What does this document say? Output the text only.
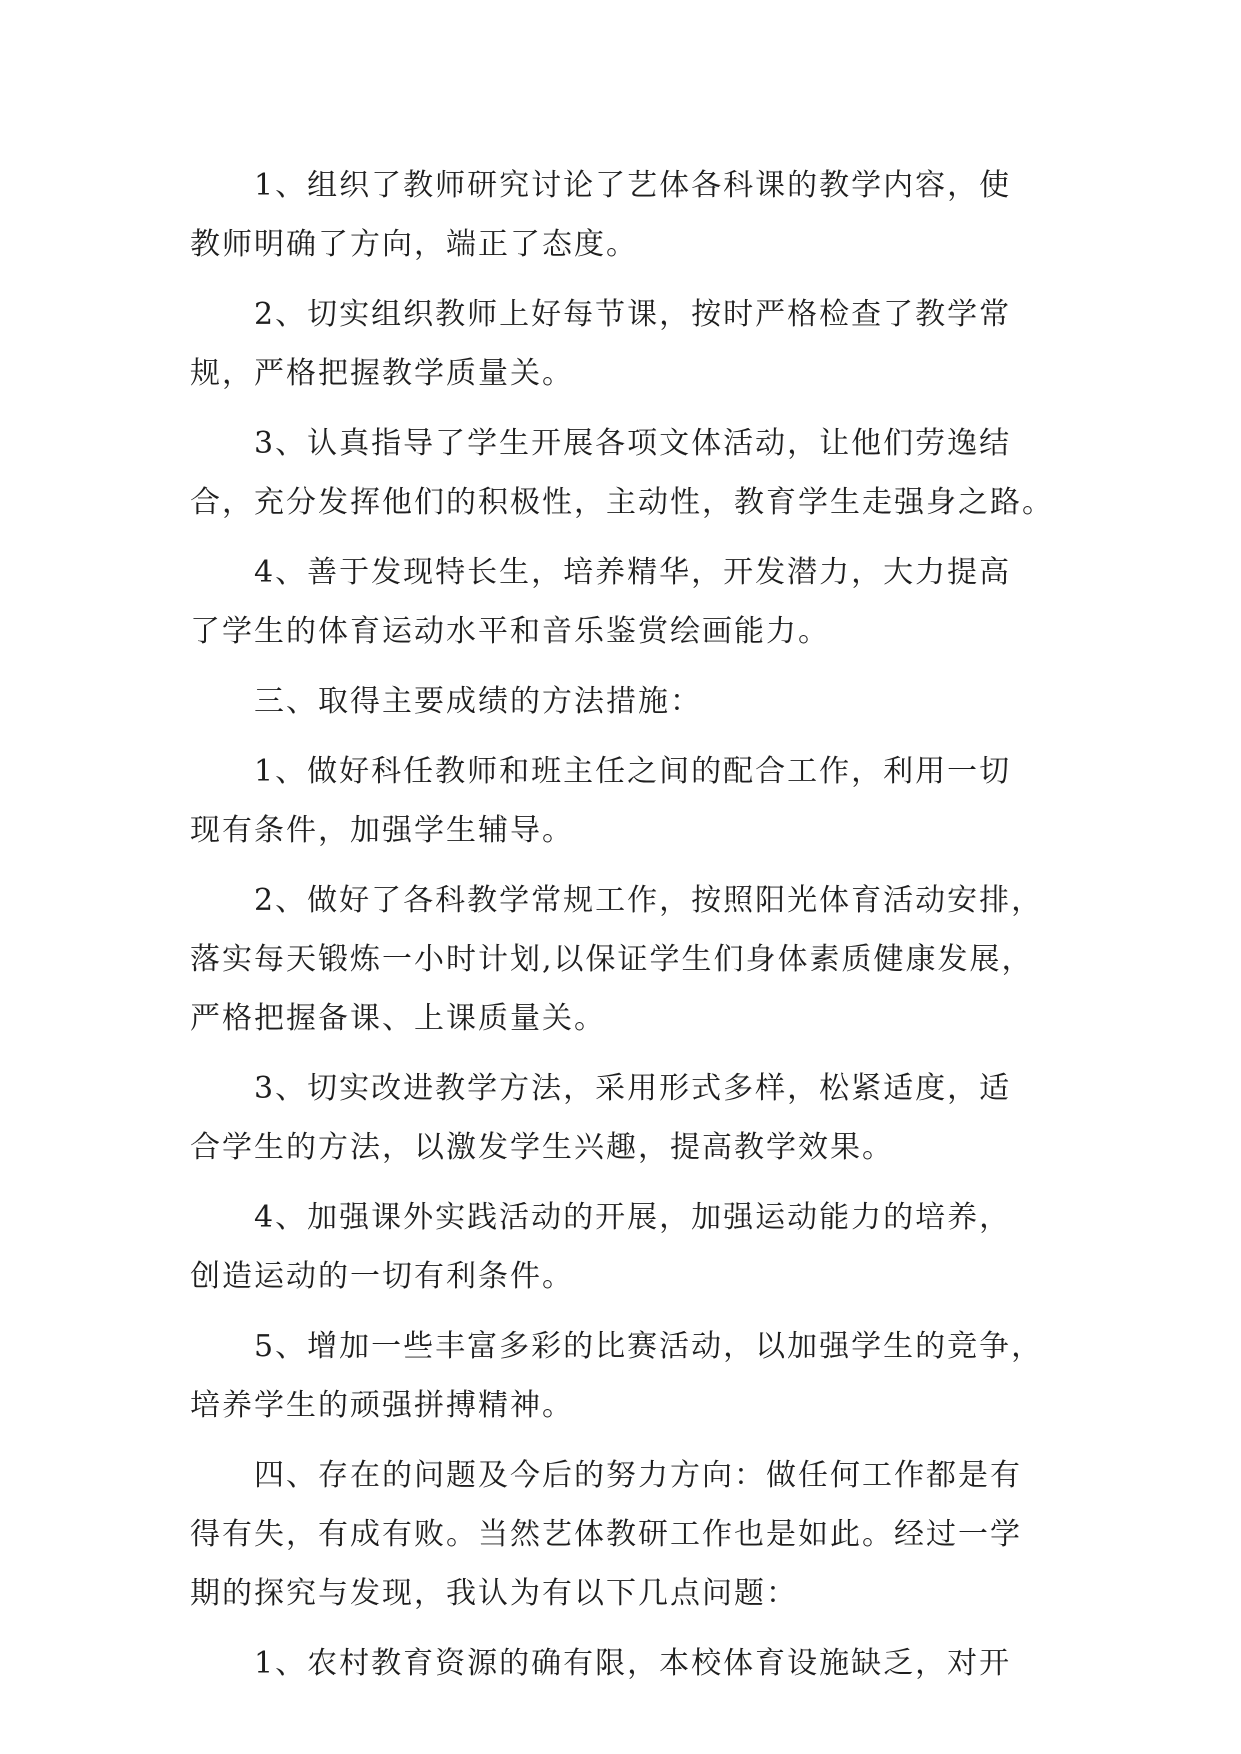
1、组织了教师研究讨论了艺体各科课的教学内容，使
教师明确了方向，端正了态度。

2、切实组织教师上好每节课，按时严格检查了教学常
规，严格把握教学质量关。

3、认真指导了学生开展各项文体活动，让他们劳逸结
合，充分发挥他们的积极性，主动性，教育学生走强身之路。

4、善于发现特长生，培养精华，开发潜力，大力提高
了学生的体育运动水平和音乐鉴赏绘画能力。

三、取得主要成绩的方法措施：

1、做好科任教师和班主任之间的配合工作，利用一切
现有条件，加强学生辅导。

2、做好了各科教学常规工作，按照阳光体育活动安排，
落实每天锻炼一小时计划,以保证学生们身体素质健康发展，
严格把握备课、上课质量关。

3、切实改进教学方法，采用形式多样，松紧适度，适
合学生的方法，以激发学生兴趣，提高教学效果。

4、加强课外实践活动的开展，加强运动能力的培养，
创造运动的一切有利条件。

5、增加一些丰富多彩的比赛活动，以加强学生的竞争，
培养学生的顽强拼搏精神。

四、存在的问题及今后的努力方向：做任何工作都是有
得有失，有成有败。当然艺体教研工作也是如此。经过一学
期的探究与发现，我认为有以下几点问题：

1、农村教育资源的确有限，本校体育设施缺乏，对开
